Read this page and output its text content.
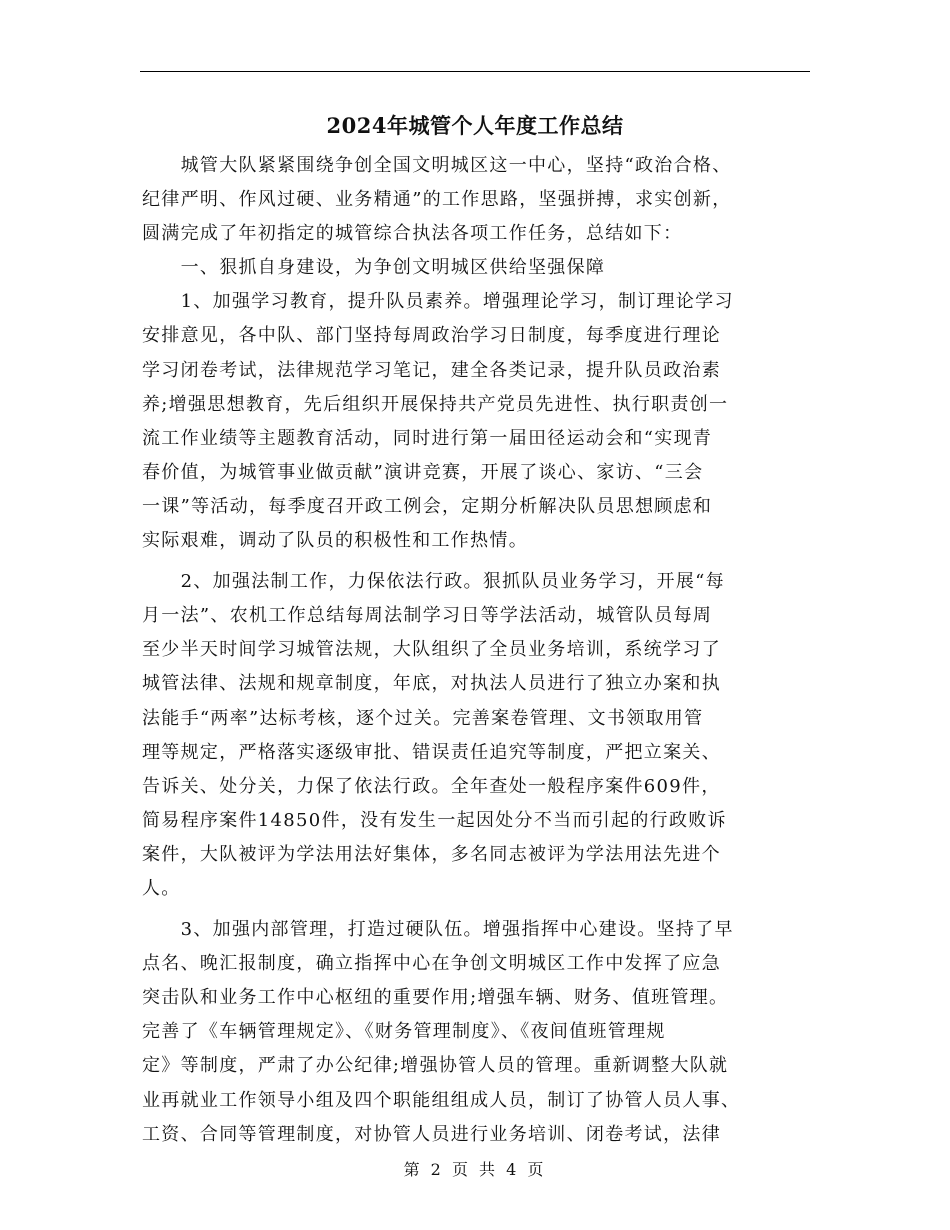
2024年城管个人年度工作总结
　　城管大队紧紧围绕争创全国文明城区这一中心，坚持“政治合格、
纪律严明、作风过硬、业务精通”的工作思路，坚强拼搏，求实创新，
圆满完成了年初指定的城管综合执法各项工作任务，总结如下：
　　一、狠抓自身建设，为争创文明城区供给坚强保障
　　1、加强学习教育，提升队员素养。增强理论学习，制订理论学习
安排意见，各中队、部门坚持每周政治学习日制度，每季度进行理论
学习闭卷考试，法律规范学习笔记，建全各类记录，提升队员政治素
养;增强思想教育，先后组织开展保持共产党员先进性、执行职责创一
流工作业绩等主题教育活动，同时进行第一届田径运动会和“实现青
春价值，为城管事业做贡献”演讲竞赛，开展了谈心、家访、“三会
一课”等活动，每季度召开政工例会，定期分析解决队员思想顾虑和
实际艰难，调动了队员的积极性和工作热情。
　　2、加强法制工作，力保依法行政。狠抓队员业务学习，开展“每
月一法”、农机工作总结每周法制学习日等学法活动，城管队员每周
至少半天时间学习城管法规，大队组织了全员业务培训，系统学习了
城管法律、法规和规章制度，年底，对执法人员进行了独立办案和执
法能手“两率”达标考核，逐个过关。完善案卷管理、文书领取用管
理等规定，严格落实逐级审批、错误责任追究等制度，严把立案关、
告诉关、处分关，力保了依法行政。全年查处一般程序案件609件，
简易程序案件14850件，没有发生一起因处分不当而引起的行政败诉
案件，大队被评为学法用法好集体，多名同志被评为学法用法先进个
人。
　　3、加强内部管理，打造过硬队伍。增强指挥中心建设。坚持了早
点名、晚汇报制度，确立指挥中心在争创文明城区工作中发挥了应急
突击队和业务工作中心枢纽的重要作用;增强车辆、财务、值班管理。
完善了《车辆管理规定》、《财务管理制度》、《夜间值班管理规
定》等制度，严肃了办公纪律;增强协管人员的管理。重新调整大队就
业再就业工作领导小组及四个职能组组成人员，制订了协管人员人事、
工资、合同等管理制度，对协管人员进行业务培训、闭卷考试，法律
第 2 页 共 4 页
